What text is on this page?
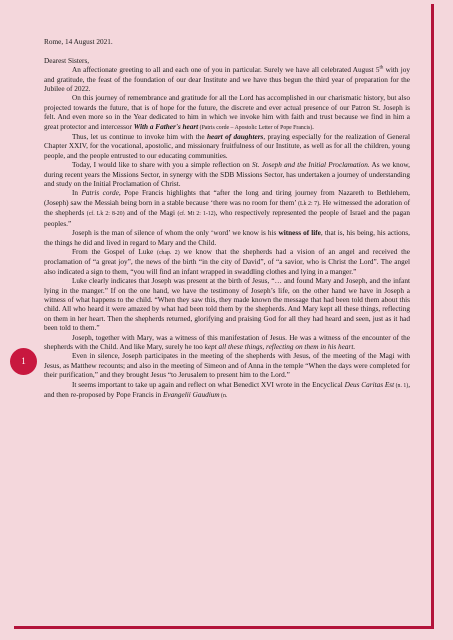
1

Rome, 14 August 2021.

Dearest Sisters,

An affectionate greeting to all and each one of you in particular. Surely we have all celebrated August 5th with joy and gratitude, the feast of the foundation of our dear Institute and we have thus begun the third year of preparation for the Jubilee of 2022.

On this journey of remembrance and gratitude for all the Lord has accomplished in our charismatic history, but also projected towards the future, that is of hope for the future, the discrete and ever actual presence of our Patron St. Joseph is felt. And even more so in the Year dedicated to him in which we invoke him with faith and trust because we find in him a great protector and intercessor With a Father's heart (Patris corde – Apostolic Letter of Pope Francis).

Thus, let us continue to invoke him with the heart of daughters, praying especially for the realization of General Chapter XXIV, for the vocational, apostolic, and missionary fruitfulness of our Institute, as well as for all the children, young people, and the people entrusted to our educating communities.

Today, I would like to share with you a simple reflection on St. Joseph and the Initial Proclamation. As we know, during recent years the Missions Sector, in synergy with the SDB Missions Sector, has undertaken a journey of understanding and study on the Initial Proclamation of Christ.

In Patris corde, Pope Francis highlights that “after the long and tiring journey from Nazareth to Bethlehem, (Joseph) saw the Messiah being born in a stable because ‘there was no room for them’ (Lk 2: 7). He witnessed the adoration of the shepherds (cf. Lk 2: 8-20) and of the Magi (cf. Mt 2: 1-12), who respectively represented the people of Israel and the pagan peoples.”

Joseph is the man of silence of whom the only ‘word’ we know is his witness of life, that is, his being, his actions, the things he did and lived in regard to Mary and the Child.

From the Gospel of Luke (chap. 2) we know that the shepherds had a vision of an angel and received the proclamation of “a great joy”, the news of the birth “in the city of David”, of “a savior, who is Christ the Lord”. The angel also indicated a sign to them, “you will find an infant wrapped in swaddling clothes and lying in a manger.”

Luke clearly indicates that Joseph was present at the birth of Jesus, “… and found Mary and Joseph, and the infant lying in the manger.” If on the one hand, we have the testimony of Joseph’s life, on the other hand we have in Joseph a witness of what happens to the child. “When they saw this, they made known the message that had been told them about this child. All who heard it were amazed by what had been told them by the shepherds. And Mary kept all these things, reflecting on them in her heart. Then the shepherds returned, glorifying and praising God for all they had heard and seen, just as it had been told to them.”

Joseph, together with Mary, was a witness of this manifestation of Jesus. He was a witness of the encounter of the shepherds with the Child. And like Mary, surely he too kept all these things, reflecting on them in his heart.

Even in silence, Joseph participates in the meeting of the shepherds with Jesus, of the meeting of the Magi with Jesus, as Matthew recounts; and also in the meeting of Simeon and of Anna in the temple “When the days were completed for their purification,” and they brought Jesus “to Jerusalem to present him to the Lord.”

It seems important to take up again and reflect on what Benedict XVI wrote in the Encyclical Deus Caritas Est (n. 1), and then re-proposed by Pope Francis in Evangelii Gaudium (n.
